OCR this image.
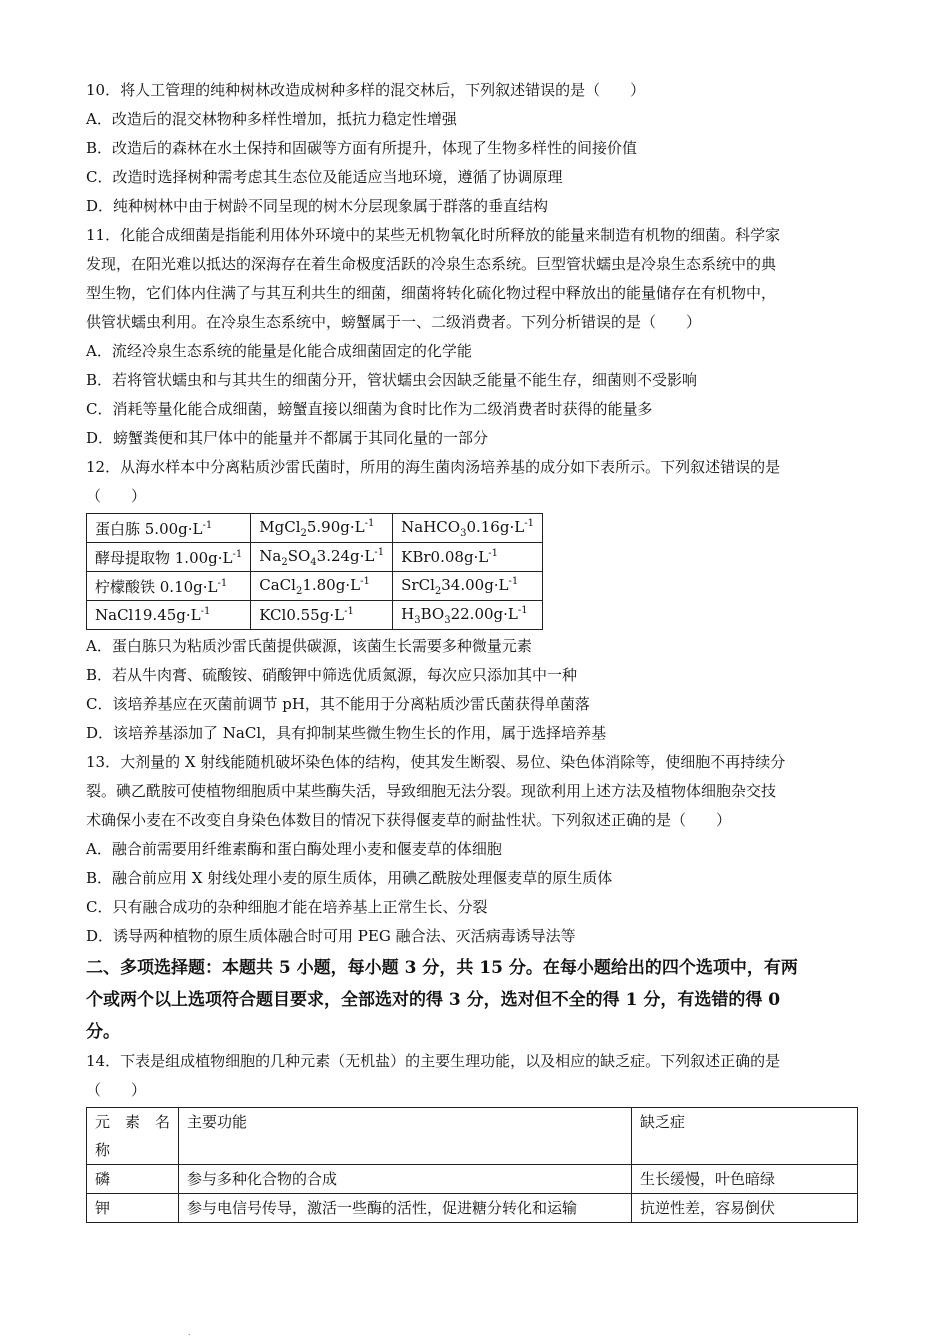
10．将人工管理的纯种树林改造成树种多样的混交林后，下列叙述错误的是（　　）
A．改造后的混交林物种多样性增加，抵抗力稳定性增强
B．改造后的森林在水土保持和固碳等方面有所提升，体现了生物多样性的间接价值
C．改造时选择树种需考虑其生态位及能适应当地环境，遵循了协调原理
D．纯种树林中由于树龄不同呈现的树木分层现象属于群落的垂直结构
11．化能合成细菌是指能利用体外环境中的某些无机物氧化时所释放的能量来制造有机物的细菌。科学家
发现，在阳光难以抵达的深海存在着生命极度活跃的冷泉生态系统。巨型管状蠕虫是冷泉生态系统中的典
型生物，它们体内住满了与其互利共生的细菌，细菌将转化硫化物过程中释放出的能量储存在有机物中，
供管状蠕虫利用。在冷泉生态系统中，螃蟹属于一、二级消费者。下列分析错误的是（　　）
A．流经冷泉生态系统的能量是化能合成细菌固定的化学能
B．若将管状蠕虫和与其共生的细菌分开，管状蠕虫会因缺乏能量不能生存，细菌则不受影响
C．消耗等量化能合成细菌，螃蟹直接以细菌为食时比作为二级消费者时获得的能量多
D．螃蟹粪便和其尸体中的能量并不都属于其同化量的一部分
12．从海水样本中分离粘质沙雷氏菌时，所用的海生菌肉汤培养基的成分如下表所示。下列叙述错误的是
（　　）
蛋白胨 $5.00g\cdot L^{-1}$	$MgCl_25.90g\cdot L^{-1}$	$NaHCO_30.16g\cdot L^{-1}$
酵母提取物 $1.00g\cdot L^{-1}$	$Na_2SO_43.24g\cdot L^{-1}$	$KBr0.08g\cdot L^{-1}$
柠檬酸铁 $0.10g\cdot L^{-1}$	$CaCl_21.80g\cdot L^{-1}$	$SrCl_234.00g\cdot L^{-1}$
$NaCl19.45g\cdot L^{-1}$	$KCl0.55g\cdot L^{-1}$	$H_3BO_322.00g\cdot L^{-1}$
A．蛋白胨只为粘质沙雷氏菌提供碳源，该菌生长需要多种微量元素
B．若从牛肉膏、硫酸铵、硝酸钾中筛选优质氮源，每次应只添加其中一种
C．该培养基应在灭菌前调节 pH，其不能用于分离粘质沙雷氏菌获得单菌落
D．该培养基添加了 NaCl，具有抑制某些微生物生长的作用，属于选择培养基
13．大剂量的 X 射线能随机破坏染色体的结构，使其发生断裂、易位、染色体消除等，使细胞不再持续分
裂。碘乙酰胺可使植物细胞质中某些酶失活，导致细胞无法分裂。现欲利用上述方法及植物体细胞杂交技
术确保小麦在不改变自身染色体数目的情况下获得偃麦草的耐盐性状。下列叙述正确的是（　　）
A．融合前需要用纤维素酶和蛋白酶处理小麦和偃麦草的体细胞
B．融合前应用 X 射线处理小麦的原生质体，用碘乙酰胺处理偃麦草的原生质体
C．只有融合成功的杂种细胞才能在培养基上正常生长、分裂
D．诱导两种植物的原生质体融合时可用 PEG 融合法、灭活病毒诱导法等
二、多项选择题：本题共 5 小题，每小题 3 分，共 15 分。在每小题给出的四个选项中，有两
个或两个以上选项符合题目要求，全部选对的得 3 分，选对但不全的得 1 分，有选错的得 0
分。
14．下表是组成植物细胞的几种元素（无机盐）的主要生理功能，以及相应的缺乏症。下列叙述正确的是
（　　）
元　素　名
称	主要功能	缺乏症
磷	参与多种化合物的合成	生长缓慢，叶色暗绿
钾	参与电信号传导，激活一些酶的活性，促进糖分转化和运输	抗逆性差，容易倒伏
.
